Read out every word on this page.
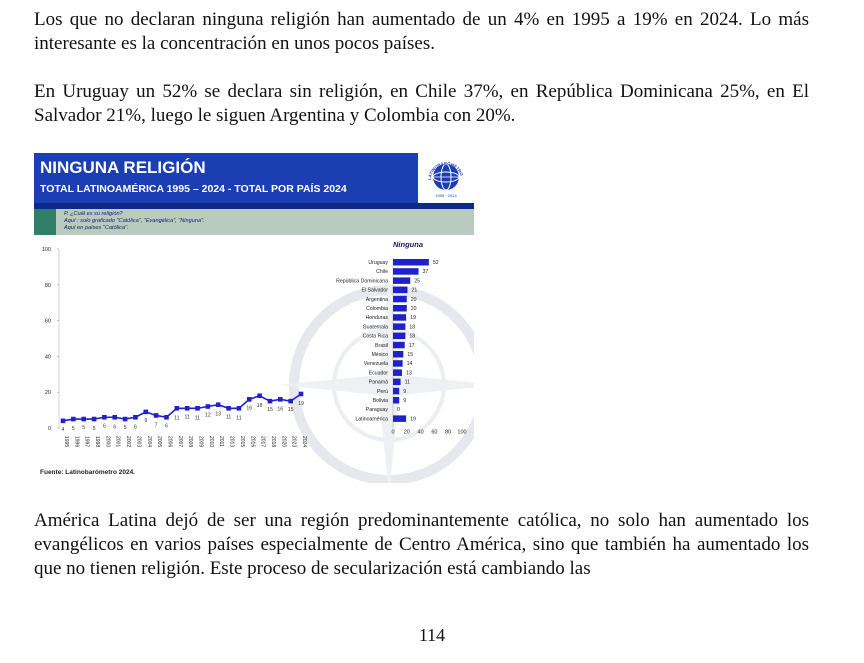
Los que no declaran ninguna religión han aumentado de un 4% en 1995 a 19% en 2024. Lo más interesante es la concentración en unos pocos países.

En Uruguay un 52% se declara sin religión, en Chile 37%, en República Dominicana 25%, en El Salvador 21%, luego le siguen Argentina y Colombia con 20%.

NINGUNA RELIGIÓN
TOTAL LATINOAMÉRICA 1995 – 2024 - TOTAL POR PAÍS 2024
LATINOBARÓMETRO
1995 · 2024
P. ¿Cuál es su religión?
Aquí : solo graficado "Católica", "Evangélica", "Ninguna".
Aquí en países "Católica".
0
20
40
60
80
100
4
1995
5
1996
5
1997
5
1998
6
2000
6
2001
5
2002
6
2003
9
2004
7
2005
6
2006
11
2007
11
2008
11
2009
12
2010
13
2011
11
2013
11
2015
16
2016
18
2017
15
2018
16
2020
15
2023
19
2024
Ninguna
Uruguay	52
Chile	37
República Dominicana	25
El Salvador	21
Argentina	20
Colombia	20
Honduras	19
Guatemala	18
Costa Rica	18
Brasil	17
México	15
Venezuela	14
Ecuador	13
Panamá	11
Perú	9
Bolivia	9
Paraguay 0
Latinoamérica	19
0 20 40 60 80 100
Fuente: Latinobarómetro 2024.

América Latina dejó de ser una región predominantemente católica, no solo han aumentado los evangélicos en varios países especialmente de Centro América, sino que también ha aumentado los que no tienen religión. Este proceso de secularización está cambiando las

114
